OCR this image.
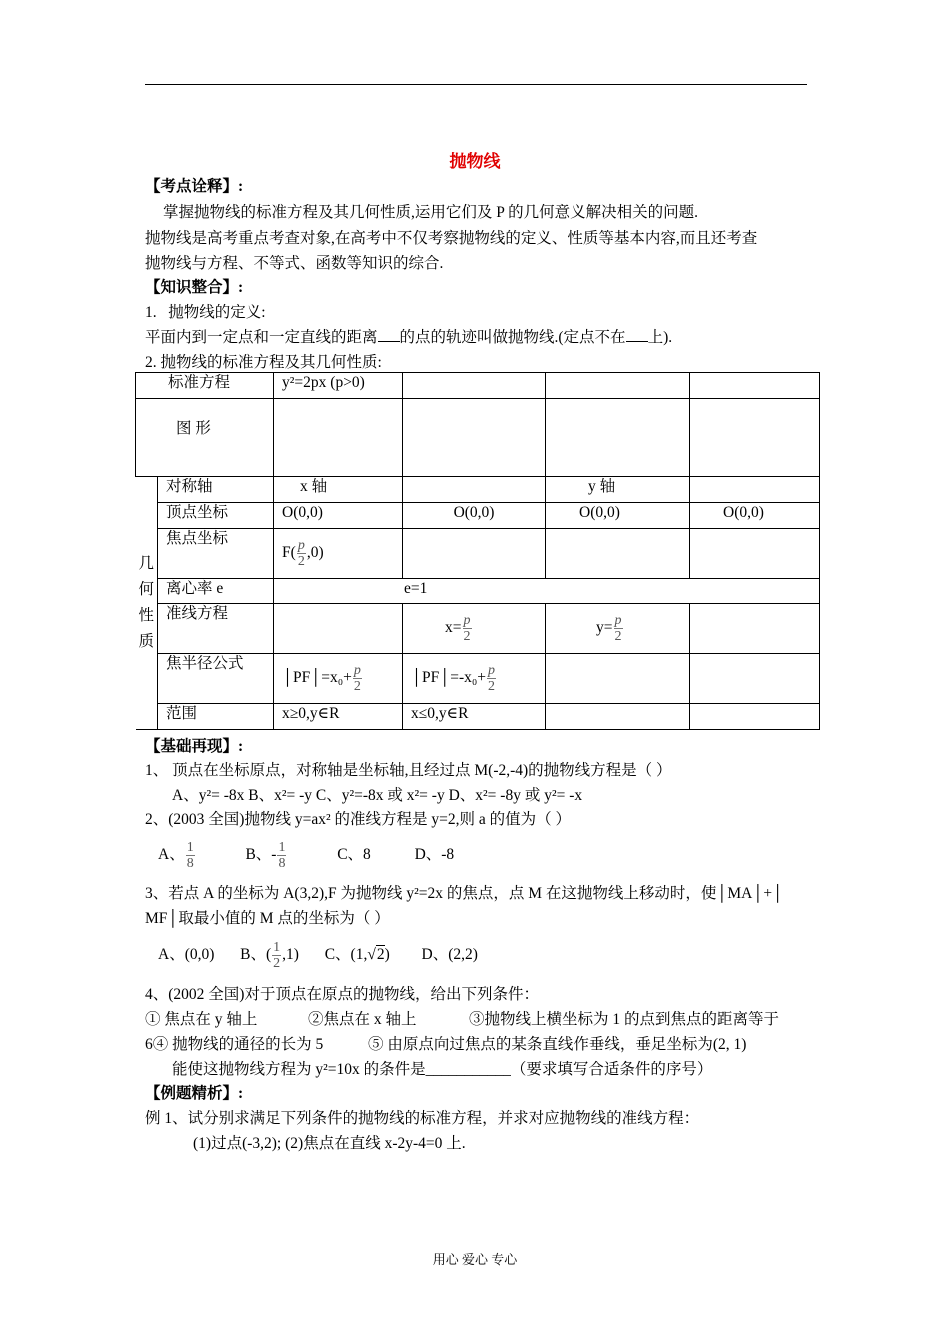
抛物线
【考点诠释】:
掌握抛物线的标准方程及其几何性质,运用它们及 P 的几何意义解决相关的问题.
抛物线是高考重点考查对象,在高考中不仅考察抛物线的定义、性质等基本内容,而且还考查
抛物线与方程、不等式、函数等知识的综合.
【知识整合】:
1.   抛物线的定义:
平面内到一定点和一定直线的距离 的点的轨迹叫做抛物线.(定点不在 上).
2. 抛物线的标准方程及其几何性质:
标准方程		y²=2px (p>0)			
图 形					

几
何
性
质	对称轴	x 轴		y 轴	
	顶点坐标	O(0,0)	O(0,0)	O(0,0)	O(0,0)
	焦点坐标	$F( \frac{p}{2} ,0)$			
	离心率 e	e=1			
	准线方程		$x= \frac{p}{2}$	$y= \frac{p}{2}$

	焦半径公式	│PF│=x₀+ $\frac{p}{2}$	│PF│=-x₀+ $\frac{p}{2}$

	范围	x≥0,y∈R	x≤0,y∈R		
【基础再现】:
1、 顶点在坐标原点，对称轴是坐标轴,且经过点 M(-2,-4)的抛物线方程是（ ）
A、y²= -8x B、x²= -y C、y²=-8x 或 x²= -y D、x²= -8y 或 y²= -x
2、(2003 全国)抛物线 y=ax² 的准线方程是 y=2,则 a 的值为（ ）
A、 $\frac{1}{8}$	B、- $\frac{1}{8}$	C、8	D、-8
3、若点 A 的坐标为 A(3,2),F 为抛物线 y²=2x 的焦点，点 M 在这抛物线上移动时，使│MA│+│
MF│取最小值的 M 点的坐标为（ ）
A、(0,0) B、( $\frac{1}{2} ,1$) C、(1,√2) D、(2,2)
4、(2002 全国)对于顶点在原点的抛物线，给出下列条件：
① 焦点在 y 轴上	②焦点在 x 轴上	③抛物线上横坐标为 1 的点到焦点的距离等于
6④ 抛物线的通径的长为 5	⑤ 由原点向过焦点的某条直线作垂线，垂足坐标为(2, 1)
能使这抛物线方程为 y²=10x 的条件是___________（要求填写合适条件的序号）
【例题精析】:
例 1、试分别求满足下列条件的抛物线的标准方程，并求对应抛物线的准线方程：
(1)过点(-3,2); (2)焦点在直线 x-2y-4=0 上.
用心 爱心 专心
